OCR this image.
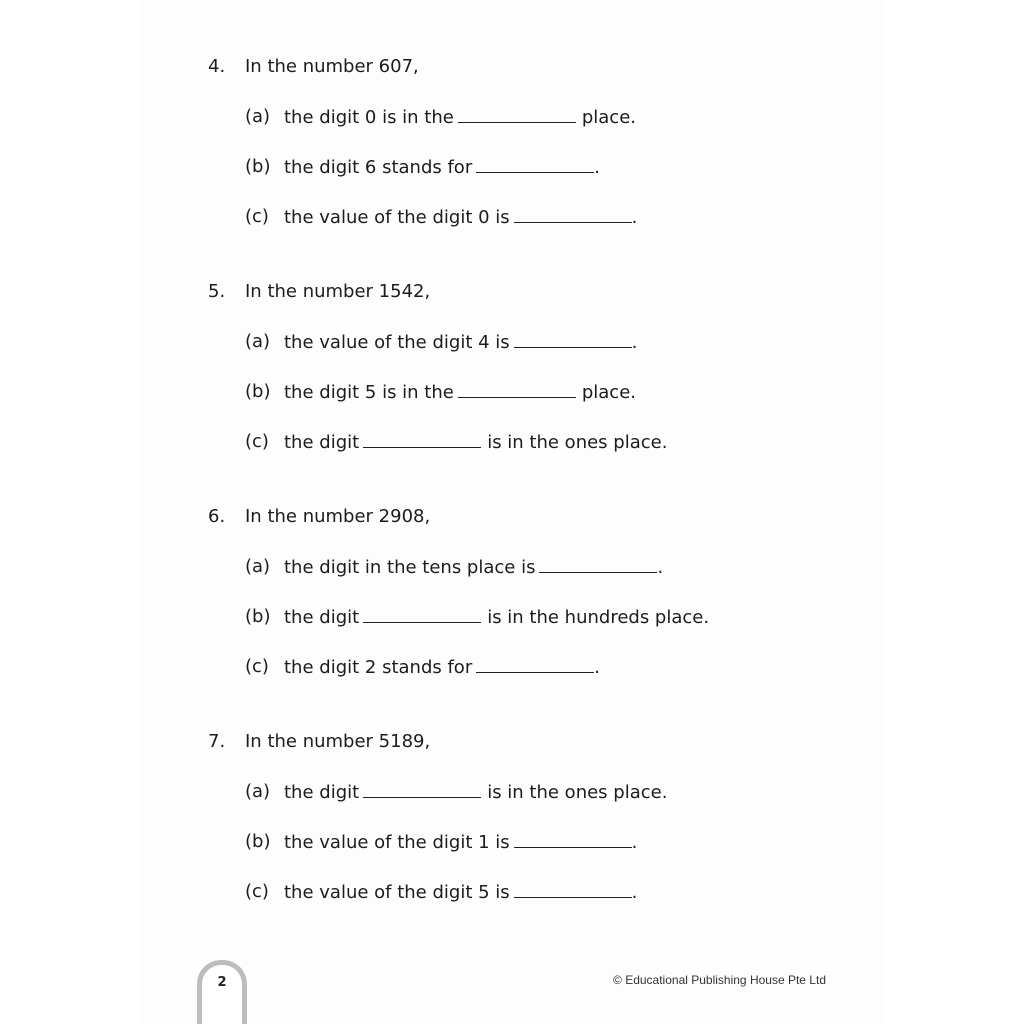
4. In the number 607,
(a) the digit 0 is in the	place.
(b) the digit 6 stands for	.
(c) the value of the digit 0 is	.
5. In the number 1542,
(a) the value of the digit 4 is	.
(b) the digit 5 is in the	place.
(c) the digit	is in the ones place.
6. In the number 2908,
(a) the digit in the tens place is	.
(b) the digit	is in the hundreds place.
(c) the digit 2 stands for	.
7. In the number 5189,
(a) the digit	is in the ones place.
(b) the value of the digit 1 is	.
(c) the value of the digit 5 is	.
2	© Educational Publishing House Pte Ltd
